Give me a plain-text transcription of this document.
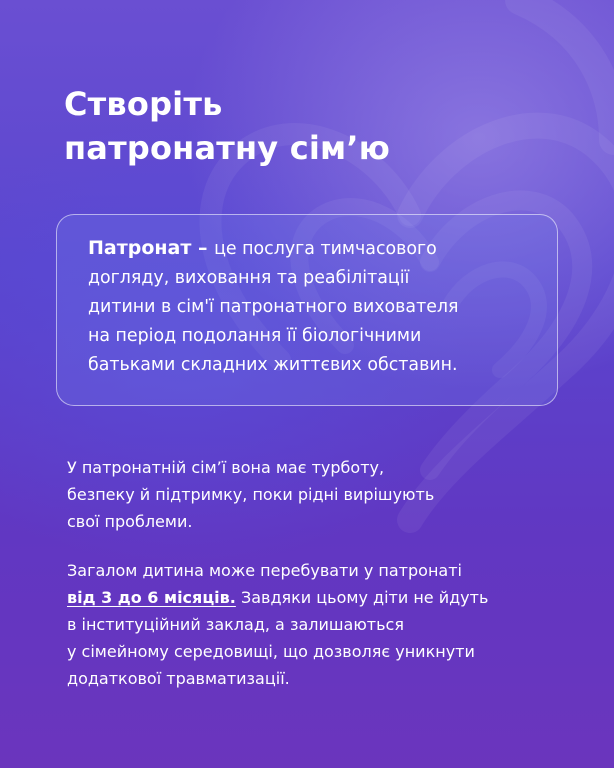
Створіть
патронатну сім’ю

Патронат – це послуга тимчасового
догляду, виховання та реабілітації
дитини в сім'ї патронатного вихователя
на період подолання її біологічними
батьками складних життєвих обставин.

У патронатній сім’ї вона має турботу,
безпеку й підтримку, поки рідні вирішують
свої проблеми.

Загалом дитина може перебувати у патронаті
від 3 до 6 місяців. Завдяки цьому діти не йдуть
в інституційний заклад, а залишаються
у сімейному середовищі, що дозволяє уникнути
додаткової травматизації.
